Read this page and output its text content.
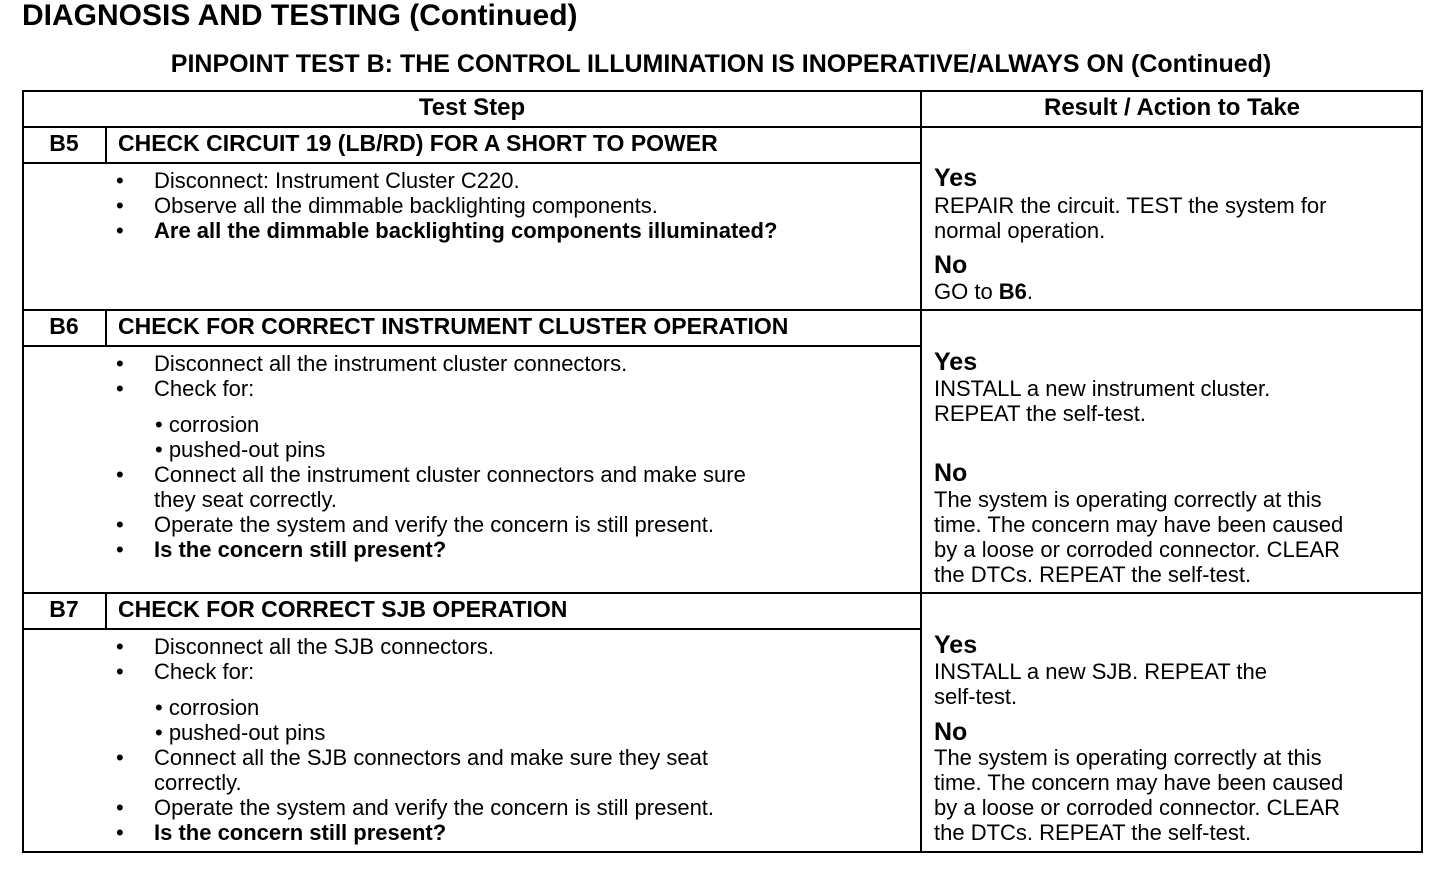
DIAGNOSIS AND TESTING (Continued)
PINPOINT TEST B: THE CONTROL ILLUMINATION IS INOPERATIVE/ALWAYS ON (Continued)
Test Step	Result / Action to Take
B5	CHECK CIRCUIT 19 (LB/RD) FOR A SHORT TO POWER
• Disconnect: Instrument Cluster C220.
• Observe all the dimmable backlighting components.
• Are all the dimmable backlighting components illuminated?
Yes
REPAIR the circuit. TEST the system for
normal operation.
No
GO to B6.
B6	CHECK FOR CORRECT INSTRUMENT CLUSTER OPERATION
• Disconnect all the instrument cluster connectors.
• Check for:
• corrosion
• pushed-out pins
• Connect all the instrument cluster connectors and make sure
they seat correctly.
• Operate the system and verify the concern is still present.
• Is the concern still present?
Yes
INSTALL a new instrument cluster.
REPEAT the self-test.
No
The system is operating correctly at this
time. The concern may have been caused
by a loose or corroded connector. CLEAR
the DTCs. REPEAT the self-test.
B7	CHECK FOR CORRECT SJB OPERATION
• Disconnect all the SJB connectors.
• Check for:
• corrosion
• pushed-out pins
• Connect all the SJB connectors and make sure they seat
correctly.
• Operate the system and verify the concern is still present.
• Is the concern still present?
Yes
INSTALL a new SJB. REPEAT the
self-test.
No
The system is operating correctly at this
time. The concern may have been caused
by a loose or corroded connector. CLEAR
the DTCs. REPEAT the self-test.
